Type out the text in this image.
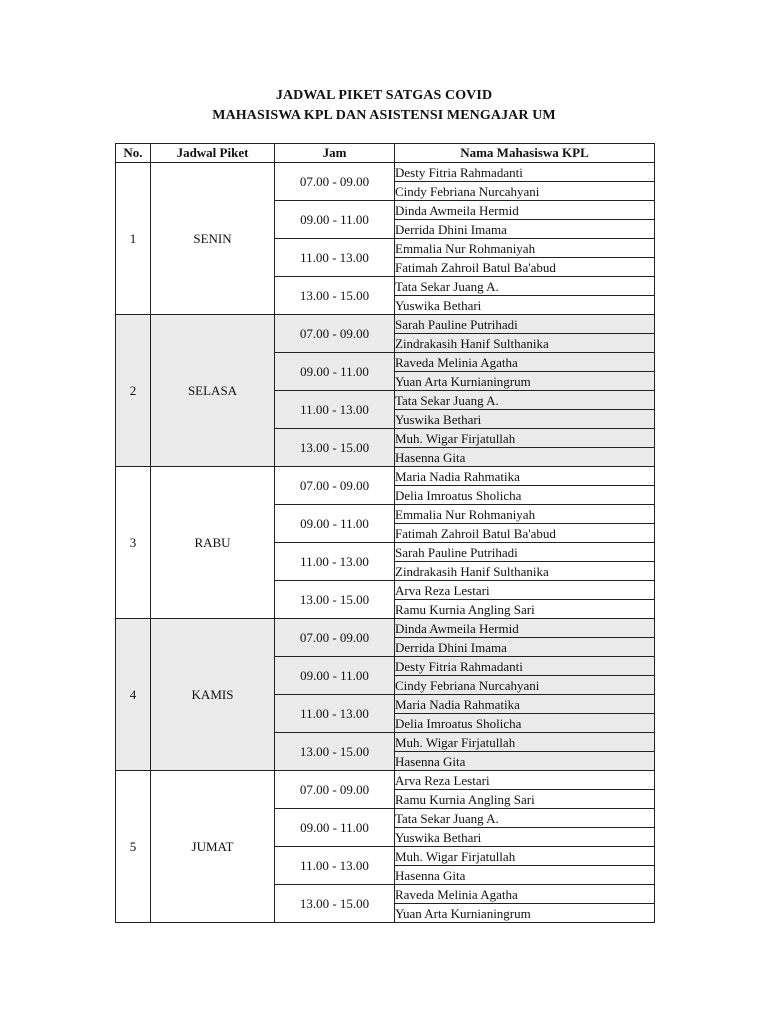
JADWAL PIKET SATGAS COVID
MAHASISWA KPL DAN ASISTENSI MENGAJAR UM
No.	Jadwal Piket	Jam	Nama Mahasiswa KPL
1	SENIN	07.00 - 09.00	Desty Fitria Rahmadanti
			Cindy Febriana Nurcahyani
		09.00 - 11.00	Dinda Awmeila Hermid
			Derrida Dhini Imama
		11.00 - 13.00	Emmalia Nur Rohmaniyah
			Fatimah Zahroil Batul Ba'abud
		13.00 - 15.00	Tata Sekar Juang A.
			Yuswika Bethari
2	SELASA	07.00 - 09.00	Sarah Pauline Putrihadi
			Zindrakasih Hanif Sulthanika
		09.00 - 11.00	Raveda Melinia Agatha
			Yuan Arta Kurnianingrum
		11.00 - 13.00	Tata Sekar Juang A.
			Yuswika Bethari
		13.00 - 15.00	Muh. Wigar Firjatullah
			Hasenna Gita
3	RABU	07.00 - 09.00	Maria Nadia Rahmatika
			Delia Imroatus Sholicha
		09.00 - 11.00	Emmalia Nur Rohmaniyah
			Fatimah Zahroil Batul Ba'abud
		11.00 - 13.00	Sarah Pauline Putrihadi
			Zindrakasih Hanif Sulthanika
		13.00 - 15.00	Arva Reza Lestari
			Ramu Kurnia Angling Sari
4	KAMIS	07.00 - 09.00	Dinda Awmeila Hermid
			Derrida Dhini Imama
		09.00 - 11.00	Desty Fitria Rahmadanti
			Cindy Febriana Nurcahyani
		11.00 - 13.00	Maria Nadia Rahmatika
			Delia Imroatus Sholicha
		13.00 - 15.00	Muh. Wigar Firjatullah
			Hasenna Gita
5	JUMAT	07.00 - 09.00	Arva Reza Lestari
			Ramu Kurnia Angling Sari
		09.00 - 11.00	Tata Sekar Juang A.
			Yuswika Bethari
		11.00 - 13.00	Muh. Wigar Firjatullah
			Hasenna Gita
		13.00 - 15.00	Raveda Melinia Agatha
			Yuan Arta Kurnianingrum
